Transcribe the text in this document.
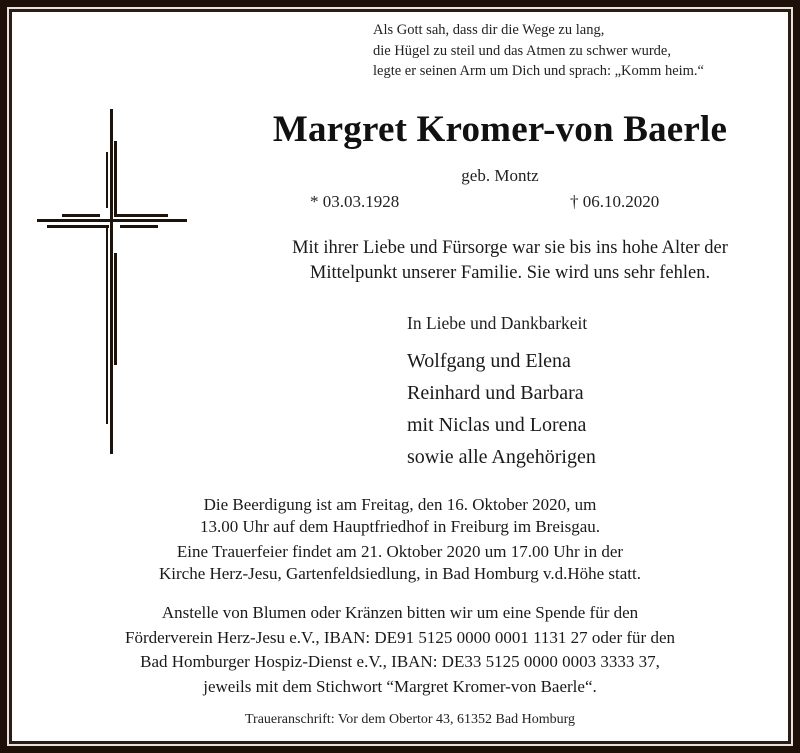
Als Gott sah, dass dir die Wege zu lang,
die Hügel zu steil und das Atmen zu schwer wurde,
legte er seinen Arm um Dich und sprach: „Komm heim.“
Margret Kromer-von Baerle
geb. Montz
* 03.03.1928	† 06.10.2020
Mit ihrer Liebe und Fürsorge war sie bis ins hohe Alter der
Mittelpunkt unserer Familie. Sie wird uns sehr fehlen.
In Liebe und Dankbarkeit
Wolfgang und Elena
Reinhard und Barbara
mit Niclas und Lorena
sowie alle Angehörigen

Die Beerdigung ist am Freitag, den 16. Oktober 2020, um
13.00 Uhr auf dem Hauptfriedhof in Freiburg im Breisgau.

Eine Trauerfeier findet am 21. Oktober 2020 um 17.00 Uhr in der
Kirche Herz-Jesu, Gartenfeldsiedlung, in Bad Homburg v.d.Höhe statt.

Anstelle von Blumen oder Kränzen bitten wir um eine Spende für den
Förderverein Herz-Jesu e.V., IBAN: DE91 5125 0000 0001 1131 27 oder für den
Bad Homburger Hospiz-Dienst e.V., IBAN: DE33 5125 0000 0003 3333 37,
jeweils mit dem Stichwort “Margret Kromer-von Baerle“.
Traueranschrift: Vor dem Obertor 43, 61352 Bad Homburg
